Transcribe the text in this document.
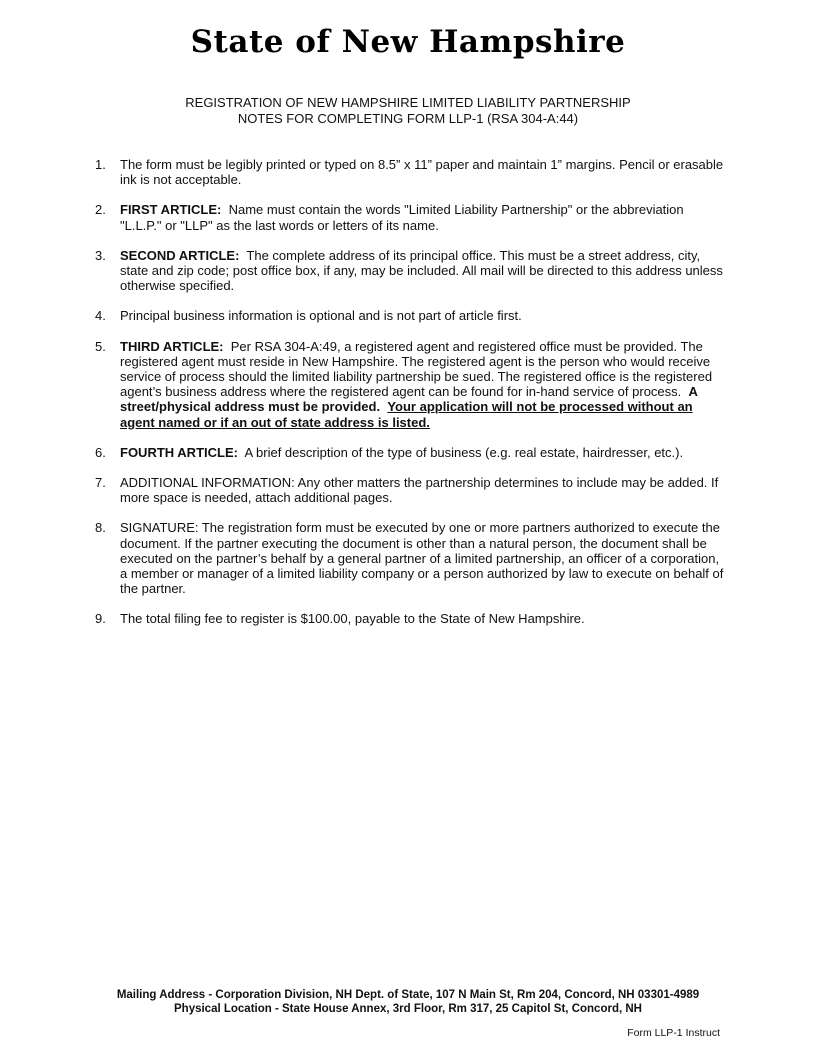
State of New Hampshire
REGISTRATION OF NEW HAMPSHIRE LIMITED LIABILITY PARTNERSHIP
NOTES FOR COMPLETING FORM LLP-1 (RSA 304-A:44)
1.	The form must be legibly printed or typed on 8.5” x 11” paper and maintain 1” margins. Pencil or erasable ink is not acceptable.
2.	FIRST ARTICLE: Name must contain the words "Limited Liability Partnership" or the abbreviation "L.L.P." or "LLP" as the last words or letters of its name.
3.	SECOND ARTICLE: The complete address of its principal office. This must be a street address, city, state and zip code; post office box, if any, may be included. All mail will be directed to this address unless otherwise specified.
4.	Principal business information is optional and is not part of article first.
5.	THIRD ARTICLE: Per RSA 304-A:49, a registered agent and registered office must be provided. The registered agent must reside in New Hampshire. The registered agent is the person who would receive service of process should the limited liability partnership be sued. The registered office is the registered agent’s business address where the registered agent can be found for in-hand service of process. A street/physical address must be provided. Your application will not be processed without an agent named or if an out of state address is listed.
6.	FOURTH ARTICLE: A brief description of the type of business (e.g. real estate, hairdresser, etc.).
7.	ADDITIONAL INFORMATION: Any other matters the partnership determines to include may be added. If more space is needed, attach additional pages.
8.	SIGNATURE: The registration form must be executed by one or more partners authorized to execute the document. If the partner executing the document is other than a natural person, the document shall be executed on the partner’s behalf by a general partner of a limited partnership, an officer of a corporation, a member or manager of a limited liability company or a person authorized by law to execute on behalf of the partner.
9.	The total filing fee to register is $100.00, payable to the State of New Hampshire.
Mailing Address - Corporation Division, NH Dept. of State, 107 N Main St, Rm 204, Concord, NH 03301-4989
Physical Location - State House Annex, 3rd Floor, Rm 317, 25 Capitol St, Concord, NH
Form LLP-1 Instruct
